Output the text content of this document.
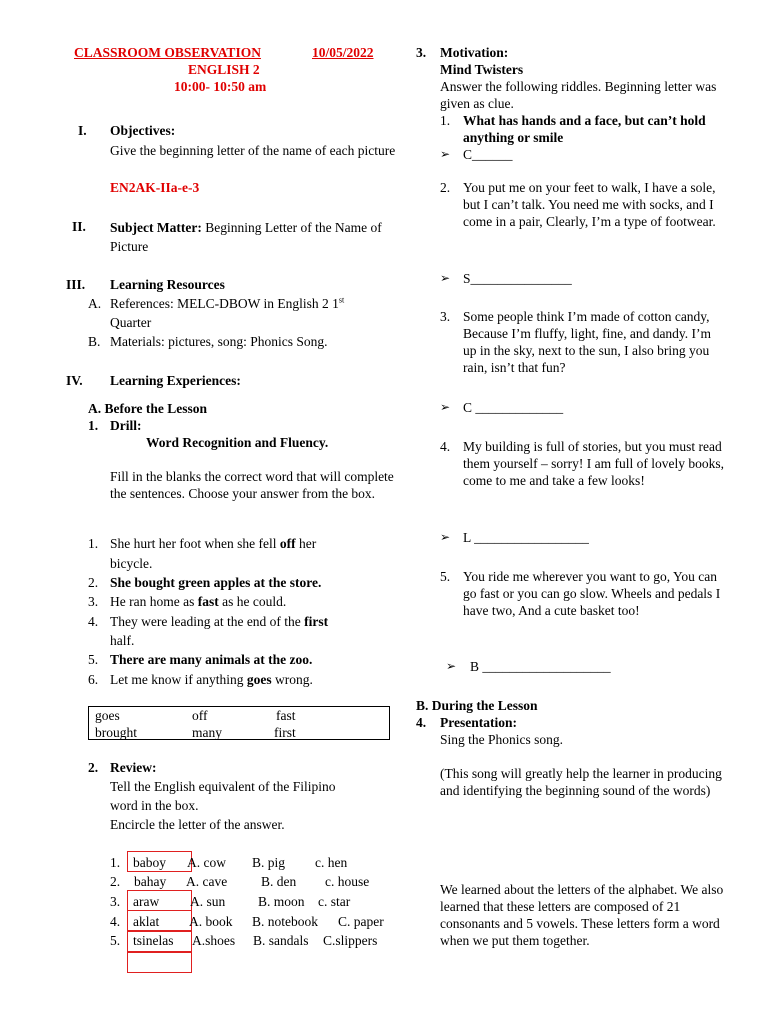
CLASSROOM OBSERVATION	10/05/2022
ENGLISH 2
10:00- 10:50 am
I. Objectives:
Give the beginning letter of the name of each picture
EN2AK-IIa-e-3
II. Subject Matter: Beginning Letter of the Name of Picture
III. Learning Resources
A. References: MELC-DBOW in English 2 1st
Quarter
B. Materials: pictures, song: Phonics Song.
IV. Learning Experiences:
A. Before the Lesson
1. Drill:
Word Recognition and Fluency.
Fill in the blanks the correct word that will complete the sentences. Choose your answer from the box.
1. She hurt her foot when she fell off her
bicycle.
2. She bought green apples at the store.
3. He ran home as fast as he could.
4. They were leading at the end of the first
half.
5. There are many animals at the zoo.
6. Let me know if anything goes wrong.
goes	off	fast
brought	many	first
2. Review:
Tell the English equivalent of the Filipino
word in the box.
Encircle the letter of the answer.
1. baboy A. cow B. pig c. hen
2. bahay A. cave	B. den c. house
3. araw A. sun B. moon c. star
4. aklat A. book B. notebook C. paper
5. tsinelas A.shoes B. sandals C.slippers
3. Motivation:
Mind Twisters
Answer the following riddles. Beginning letter was given as clue.
1. What has hands and a face, but can’t hold anything or smile
➢ C______
2. You put me on your feet to walk, I have a sole, but I can’t talk. You need me with socks, and I come in a pair, Clearly, I’m a type of footwear.
➢ S_______________
3. Some people think I’m made of cotton candy, Because I’m fluffy, light, fine, and dandy. I’m up in the sky, next to the sun, I also bring you rain, isn’t that fun?
➢ C _____________
4. My building is full of stories, but you must read them yourself – sorry! I am full of lovely books, come to me and take a few looks!
➢ L _________________
5. You ride me wherever you want to go, You can go fast or you can go slow. Wheels and pedals I have two, And a cute basket too!
➢ B ___________________
B. During the Lesson
4. Presentation:
Sing the Phonics song.
(This song will greatly help the learner in producing and identifying the beginning sound of the words)
We learned about the letters of the alphabet. We also learned that these letters are composed of 21 consonants and 5 vowels. These letters form a word when we put them together.
